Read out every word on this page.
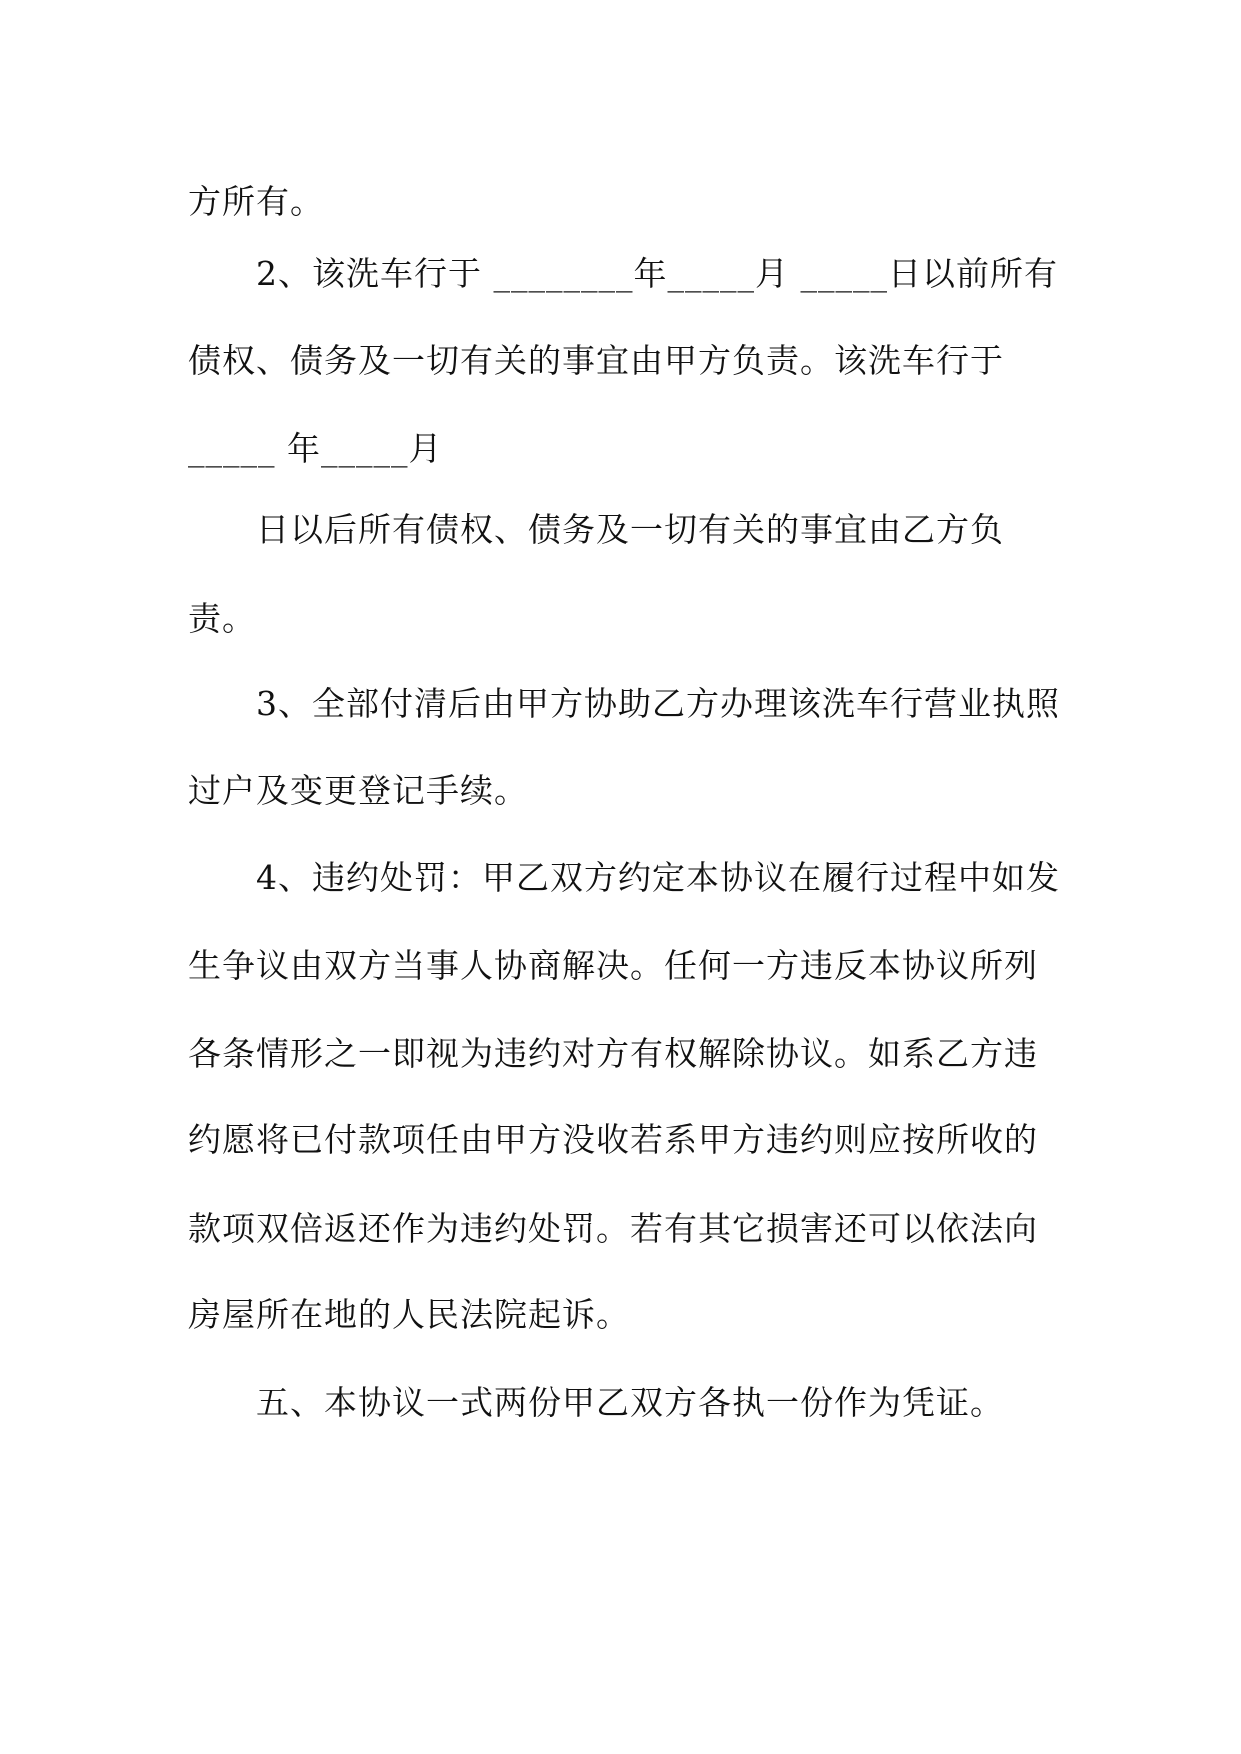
方所有。
2、该洗车行于 ________年_____月 _____日以前所有
债权、债务及一切有关的事宜由甲方负责。该洗车行于
_____ 年_____月
日以后所有债权、债务及一切有关的事宜由乙方负
责。
3、全部付清后由甲方协助乙方办理该洗车行营业执照
过户及变更登记手续。
4、违约处罚：甲乙双方约定本协议在履行过程中如发
生争议由双方当事人协商解决。任何一方违反本协议所列
各条情形之一即视为违约对方有权解除协议。如系乙方违
约愿将已付款项任由甲方没收若系甲方违约则应按所收的
款项双倍返还作为违约处罚。若有其它损害还可以依法向
房屋所在地的人民法院起诉。
五、本协议一式两份甲乙双方各执一份作为凭证。
